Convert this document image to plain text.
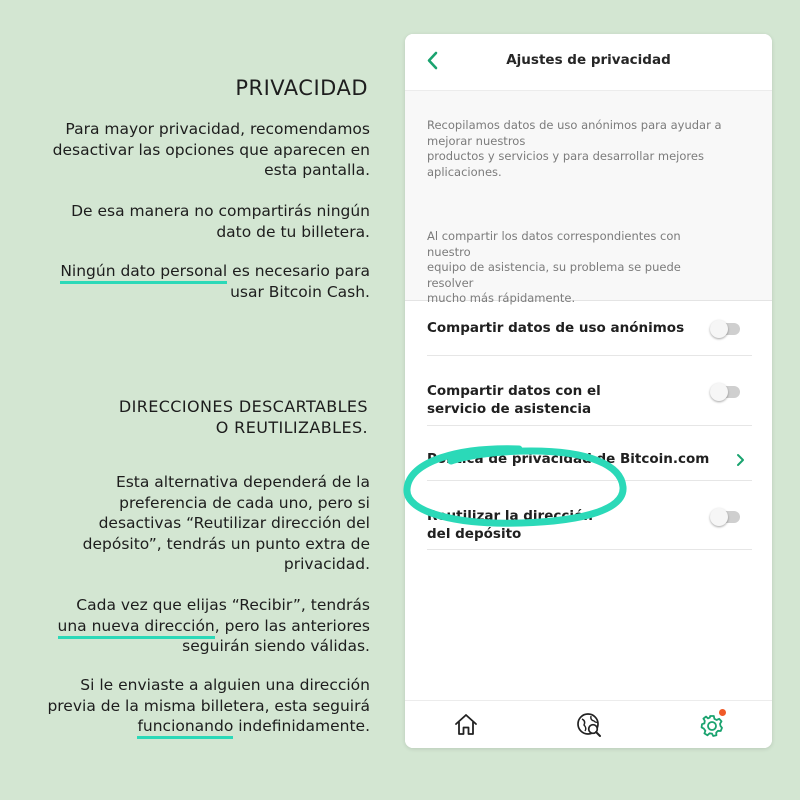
PRIVACIDAD
Para mayor privacidad, recomendamos
desactivar las opciones que aparecen en
esta pantalla.
De esa manera no compartirás ningún
dato de tu billetera.
Ningún dato personal es necesario para
usar Bitcoin Cash.
DIRECCIONES DESCARTABLES
O REUTILIZABLES.
Esta alternativa dependerá de la
preferencia de cada uno, pero si
desactivas “Reutilizar dirección del
depósito”, tendrás un punto extra de
privacidad.
Cada vez que elijas “Recibir”, tendrás
una nueva dirección, pero las anteriores
seguirán siendo válidas.
Si le enviaste a alguien una dirección
previa de la misma billetera, esta seguirá
funcionando indefinidamente.
Ajustes de privacidad

Recopilamos datos de uso anónimos para ayudar a
mejorar nuestros
productos y servicios y para desarrollar mejores
aplicaciones.

Al compartir los datos correspondientes con nuestro
equipo de asistencia, su problema se puede resolver
mucho más rápidamente.

Compartir datos de uso anónimos
Compartir datos con el
servicio de asistencia
Política de privacidad de Bitcoin.com
Reutilizar la dirección
del depósito
